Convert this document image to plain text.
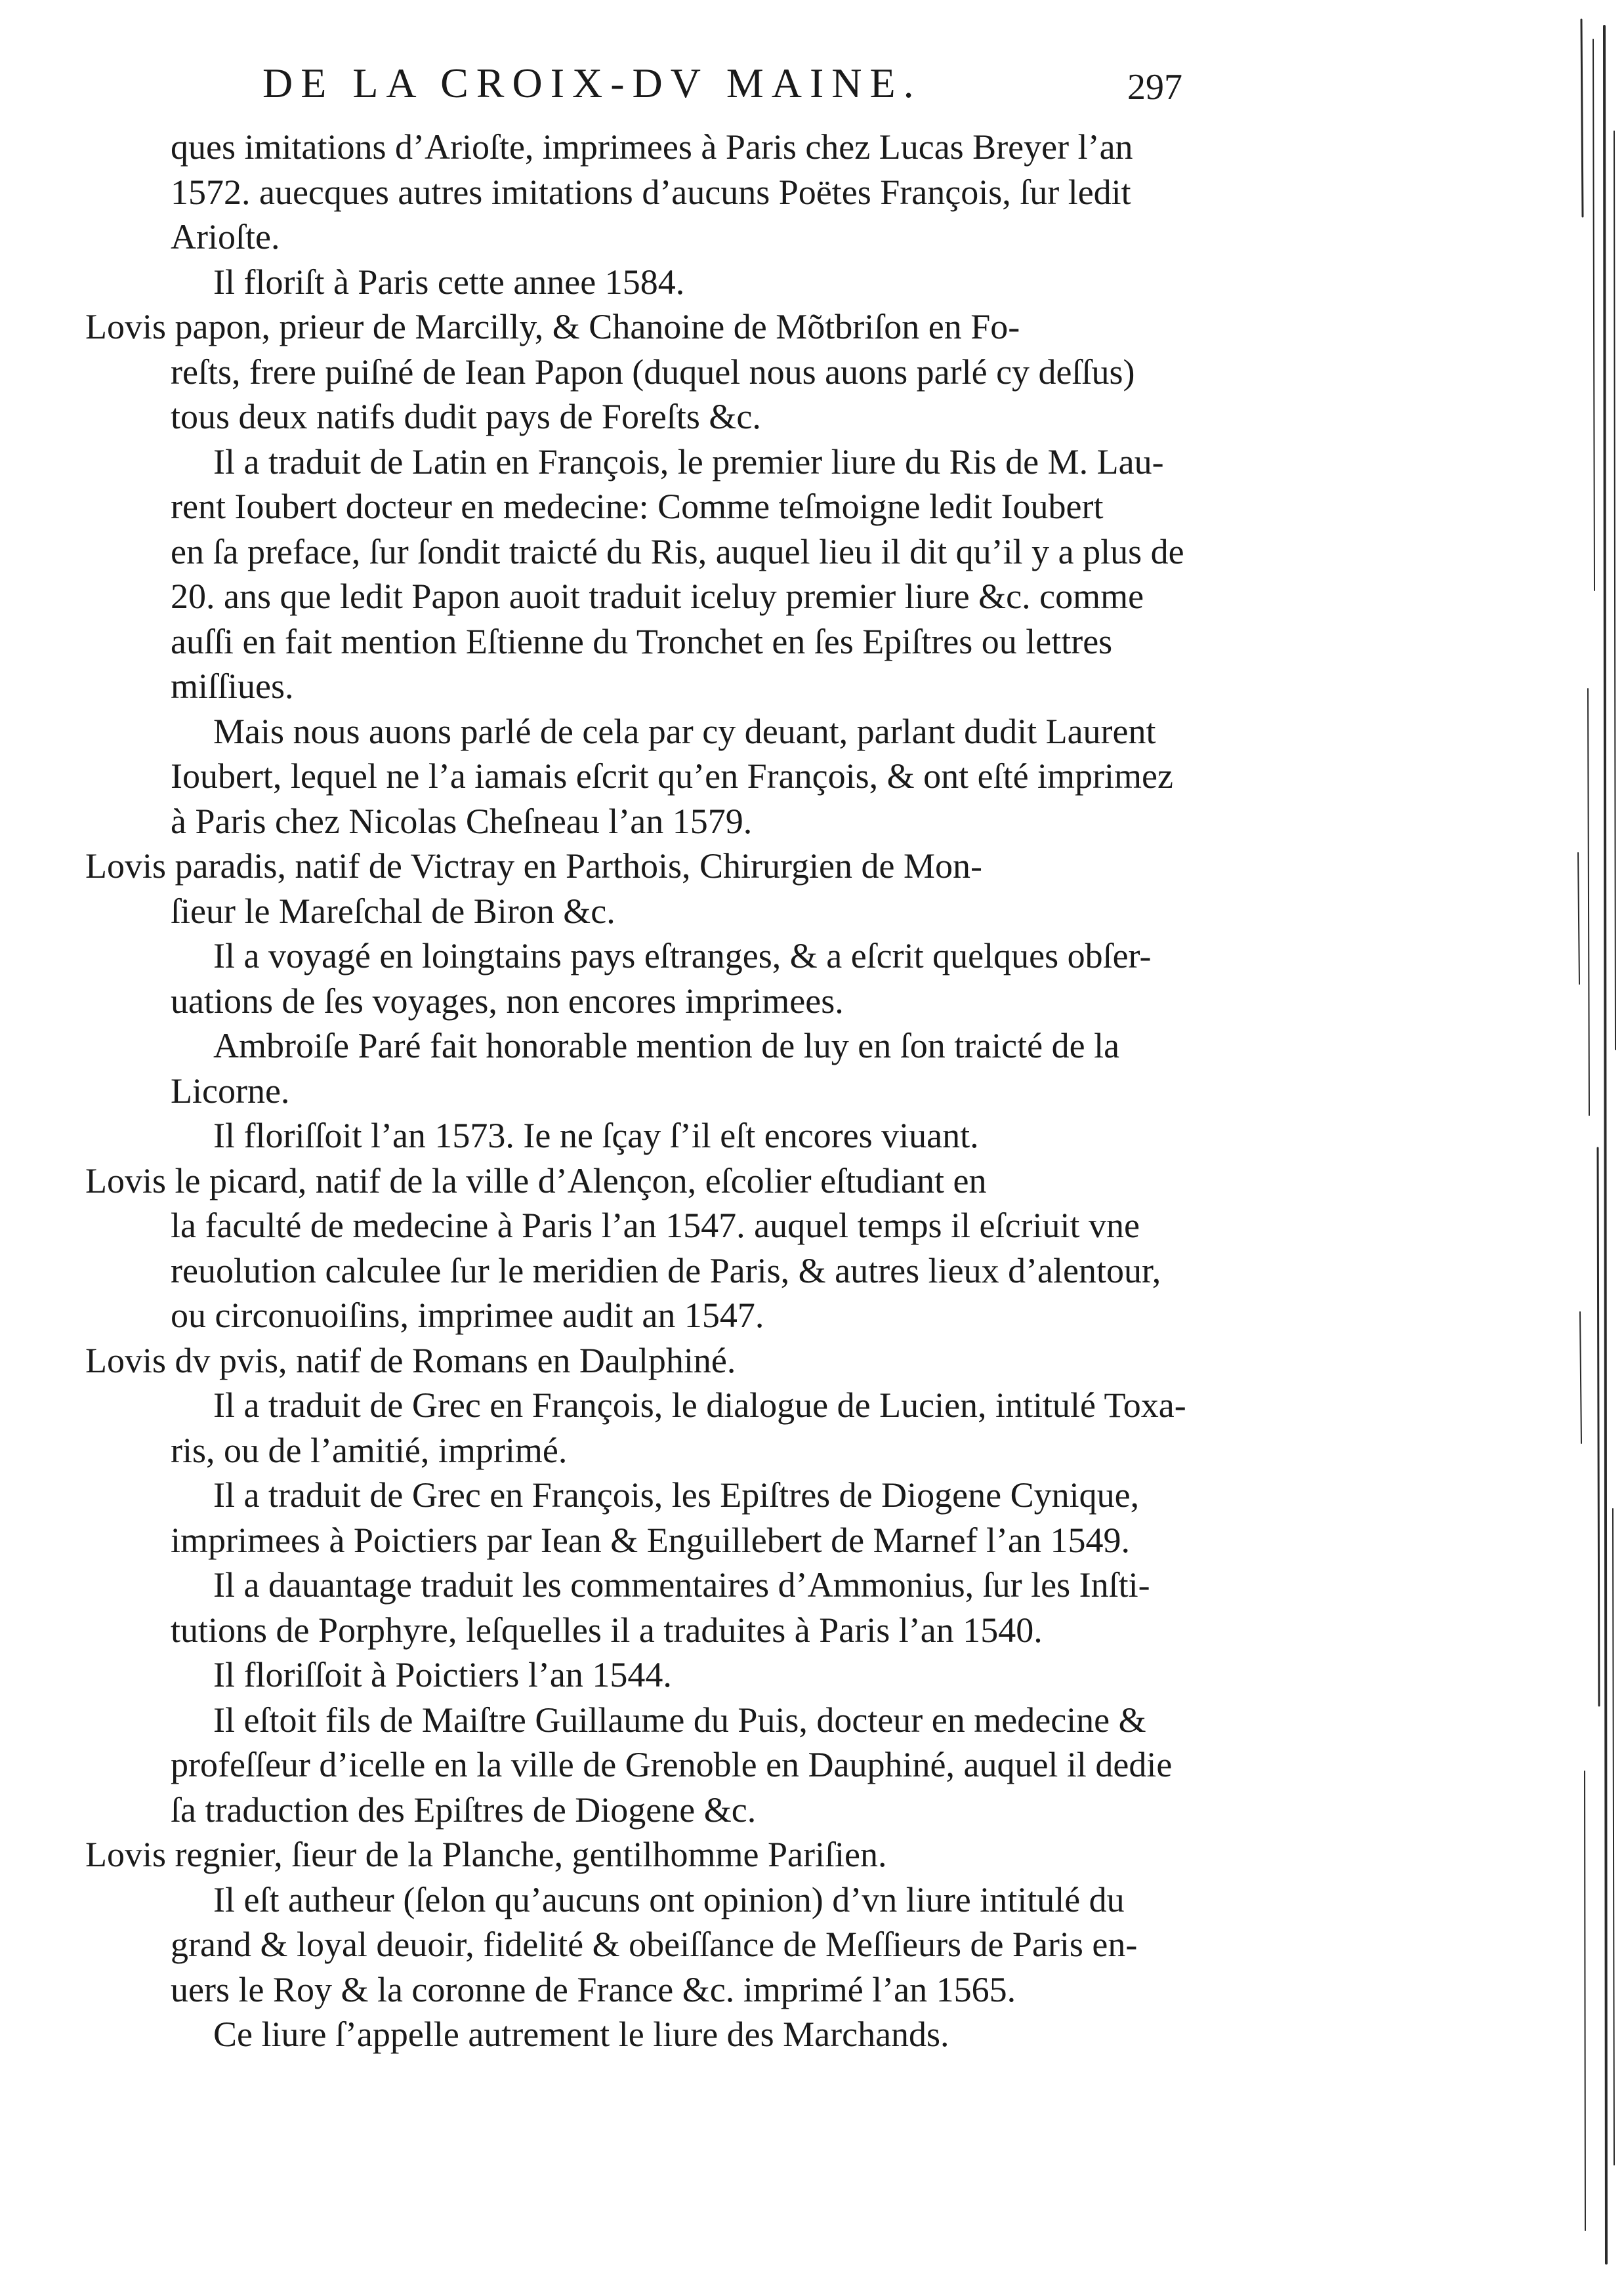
DE LA CROIX-DV MAINE.	297
ques imitations d’Arioſte, imprimees à Paris chez Lucas Breyer l’an
1572. auecques autres imitations d’aucuns Poëtes François, ſur ledit
Arioſte.
Il floriſt à Paris cette annee 1584.
Lovis papon, prieur de Marcilly, & Chanoine de Mõtbriſon en Fo-
reſts, frere puiſné de Iean Papon (duquel nous auons parlé cy deſſus)
tous deux natifs dudit pays de Foreſts &c.
Il a traduit de Latin en François, le premier liure du Ris de M. Lau-
rent Ioubert docteur en medecine: Comme teſmoigne ledit Ioubert
en ſa preface, ſur ſondit traicté du Ris, auquel lieu il dit qu’il y a plus de
20. ans que ledit Papon auoit traduit iceluy premier liure &c. comme
auſſi en fait mention Eſtienne du Tronchet en ſes Epiſtres ou lettres
miſſiues.
Mais nous auons parlé de cela par cy deuant, parlant dudit Laurent
Ioubert, lequel ne l’a iamais eſcrit qu’en François, & ont eſté imprimez
à Paris chez Nicolas Cheſneau l’an 1579.
Lovis paradis, natif de Victray en Parthois, Chirurgien de Mon-
ſieur le Mareſchal de Biron &c.
Il a voyagé en loingtains pays eſtranges, & a eſcrit quelques obſer-
uations de ſes voyages, non encores imprimees.
Ambroiſe Paré fait honorable mention de luy en ſon traicté de la
Licorne.
Il floriſſoit l’an 1573. Ie ne ſçay ſ’il eſt encores viuant.
Lovis le picard, natif de la ville d’Alençon, eſcolier eſtudiant en
la faculté de medecine à Paris l’an 1547. auquel temps il eſcriuit vne
reuolution calculee ſur le meridien de Paris, & autres lieux d’alentour,
ou circonuoiſins, imprimee audit an 1547.
Lovis dv pvis, natif de Romans en Daulphiné.
Il a traduit de Grec en François, le dialogue de Lucien, intitulé Toxa-
ris, ou de l’amitié, imprimé.
Il a traduit de Grec en François, les Epiſtres de Diogene Cynique,
imprimees à Poictiers par Iean & Enguillebert de Marnef l’an 1549.
Il a dauantage traduit les commentaires d’Ammonius, ſur les Inſti-
tutions de Porphyre, leſquelles il a traduites à Paris l’an 1540.
Il floriſſoit à Poictiers l’an 1544.
Il eſtoit fils de Maiſtre Guillaume du Puis, docteur en medecine &
profeſſeur d’icelle en la ville de Grenoble en Dauphiné, auquel il dedie
ſa traduction des Epiſtres de Diogene &c.
Lovis regnier, ſieur de la Planche, gentilhomme Pariſien.
Il eſt autheur (ſelon qu’aucuns ont opinion) d’vn liure intitulé du
grand & loyal deuoir, fidelité & obeiſſance de Meſſieurs de Paris en-
uers le Roy & la coronne de France &c. imprimé l’an 1565.
Ce liure ſ’appelle autrement le liure des Marchands.
